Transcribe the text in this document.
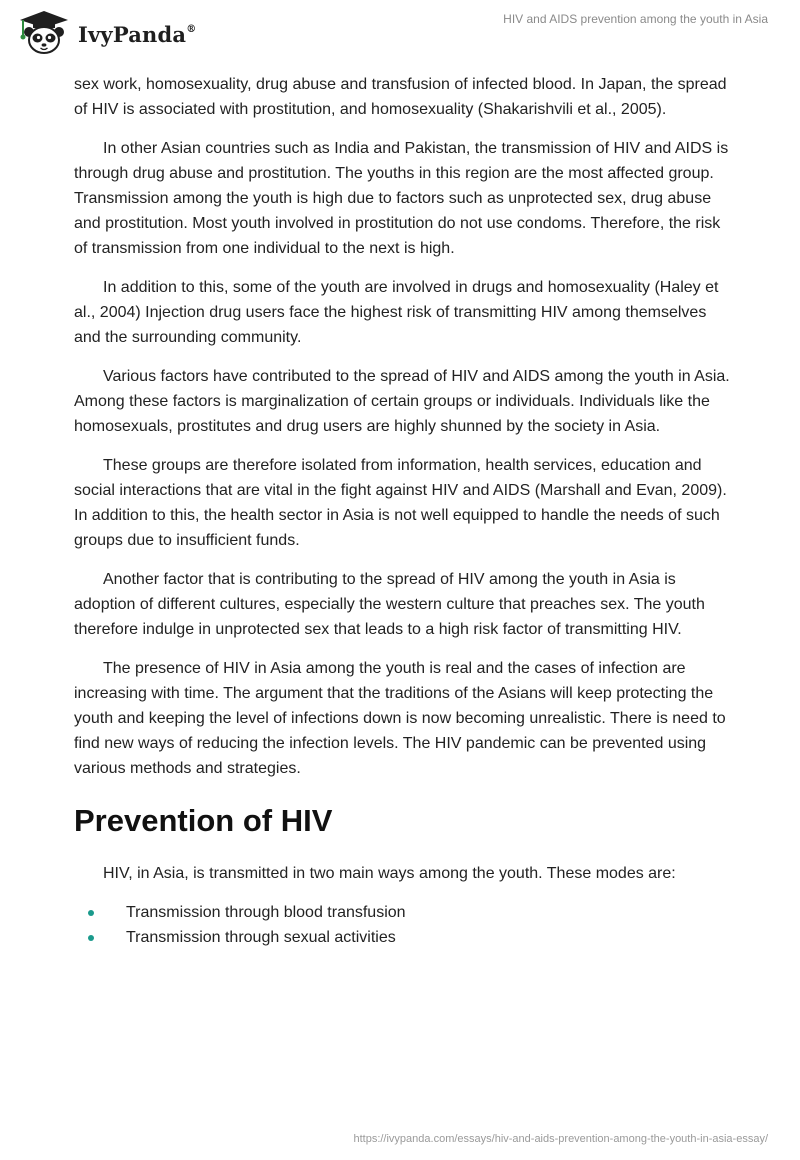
IvyPanda®
HIV and AIDS prevention among the youth in Asia

sex work, homosexuality, drug abuse and transfusion of infected blood. In Japan, the spread of HIV is associated with prostitution, and homosexuality (Shakarishvili et al., 2005).

In other Asian countries such as India and Pakistan, the transmission of HIV and AIDS is through drug abuse and prostitution. The youths in this region are the most affected group. Transmission among the youth is high due to factors such as unprotected sex, drug abuse and prostitution. Most youth involved in prostitution do not use condoms. Therefore, the risk of transmission from one individual to the next is high.

In addition to this, some of the youth are involved in drugs and homosexuality (Haley et al., 2004) Injection drug users face the highest risk of transmitting HIV among themselves and the surrounding community.

Various factors have contributed to the spread of HIV and AIDS among the youth in Asia. Among these factors is marginalization of certain groups or individuals. Individuals like the homosexuals, prostitutes and drug users are highly shunned by the society in Asia.

These groups are therefore isolated from information, health services, education and social interactions that are vital in the fight against HIV and AIDS (Marshall and Evan, 2009). In addition to this, the health sector in Asia is not well equipped to handle the needs of such groups due to insufficient funds.

Another factor that is contributing to the spread of HIV among the youth in Asia is adoption of different cultures, especially the western culture that preaches sex. The youth therefore indulge in unprotected sex that leads to a high risk factor of transmitting HIV.

The presence of HIV in Asia among the youth is real and the cases of infection are increasing with time. The argument that the traditions of the Asians will keep protecting the youth and keeping the level of infections down is now becoming unrealistic. There is need to find new ways of reducing the infection levels. The HIV pandemic can be prevented using various methods and strategies.

Prevention of HIV

HIV, in Asia, is transmitted in two main ways among the youth. These modes are:

Transmission through blood transfusion
Transmission through sexual activities
https://ivypanda.com/essays/hiv-and-aids-prevention-among-the-youth-in-asia-essay/
